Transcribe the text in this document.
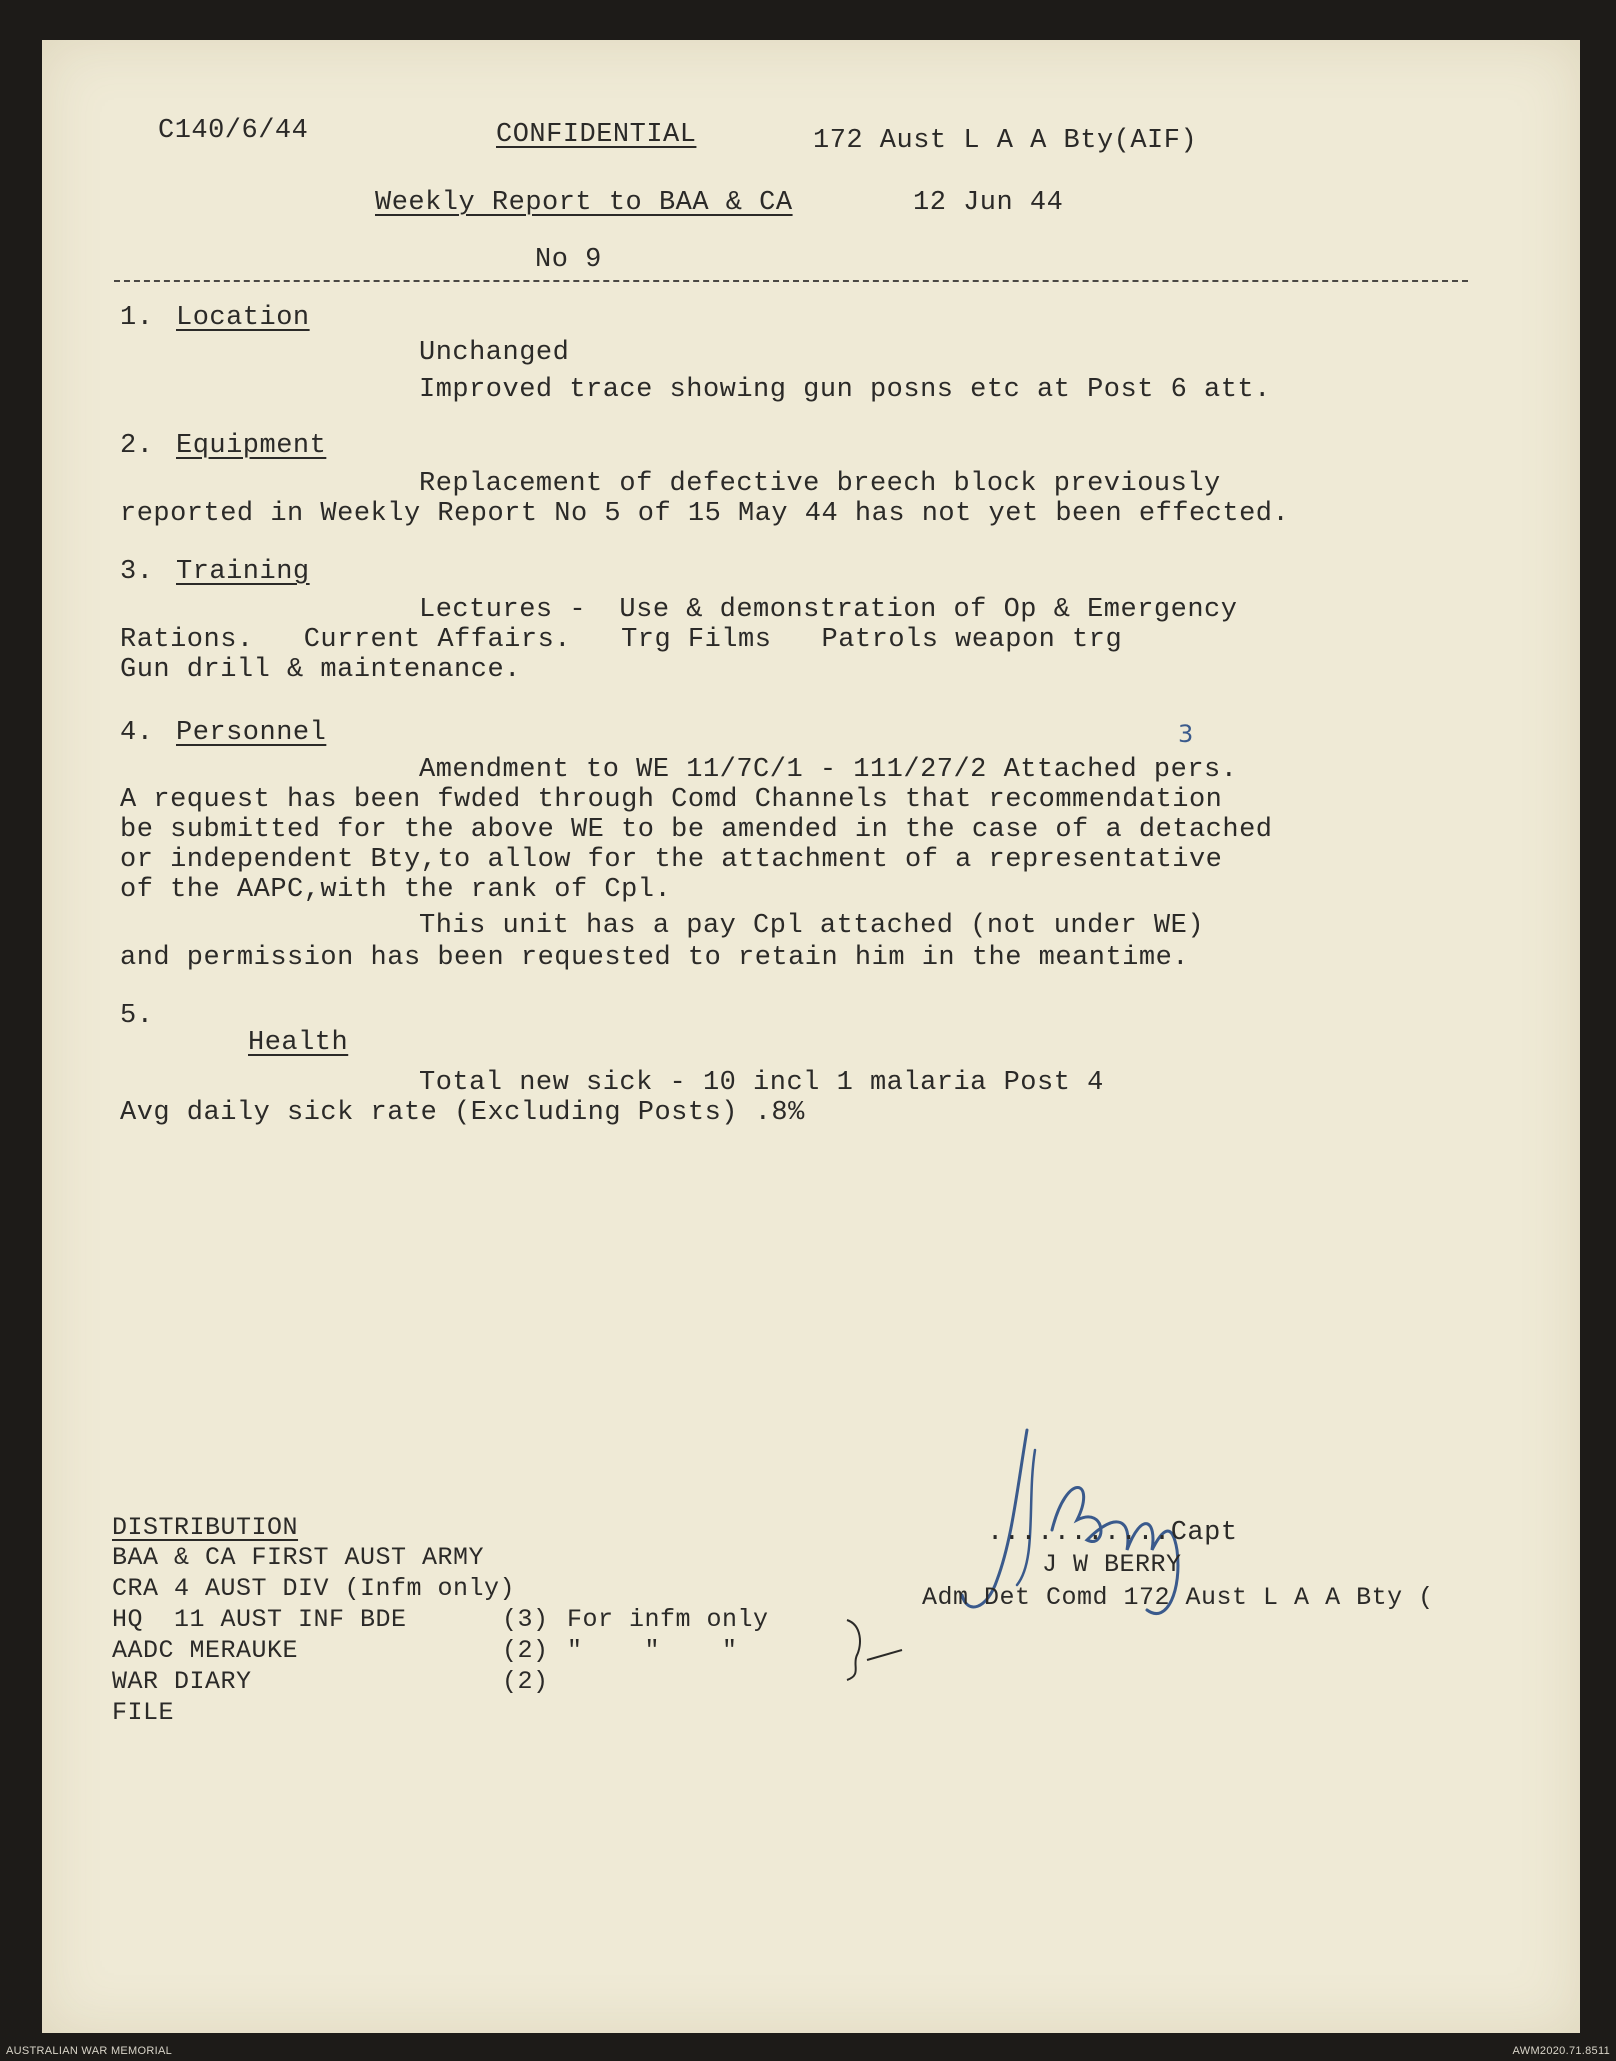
C140/6/44	CONFIDENTIAL	172 Aust L A A Bty(AIF)
Weekly Report to BAA & CA	12 Jun 44
No 9
1. Location
Unchanged
Improved trace showing gun posns etc at Post 6 att.
2. Equipment
Replacement of defective breech block previously
reported in Weekly Report No 5 of 15 May 44 has not yet been effected.
3. Training
Lectures -  Use & demonstration of Op & Emergency
Rations.   Current Affairs.   Trg Films   Patrols weapon trg
Gun drill & maintenance.
4. Personnel	3
Amendment to WE 11/7C/1 - 111/27/2 Attached pers.
A request has been fwded through Comd Channels that recommendation
be submitted for the above WE to be amended in the case of a detached
or independent Bty,to allow for the attachment of a representative
of the AAPC,with the rank of Cpl.
This unit has a pay Cpl attached (not under WE)
and permission has been requested to retain him in the meantime.
5.
Health
Total new sick - 10 incl 1 malaria Post 4
Avg daily sick rate (Excluding Posts) .8%
DISTRIBUTION
BAA & CA FIRST AUST ARMY
CRA 4 AUST DIV (Infm only)
HQ  11 AUST INF BDE	(3) For infm only
AADC MERAUKE	(2) "    "    "
WAR DIARY	(2)
FILE
...........Capt
J W BERRY
Adm Det Comd 172 Aust L A A Bty (
AUSTRALIAN WAR MEMORIAL	AWM2020.71.8511
